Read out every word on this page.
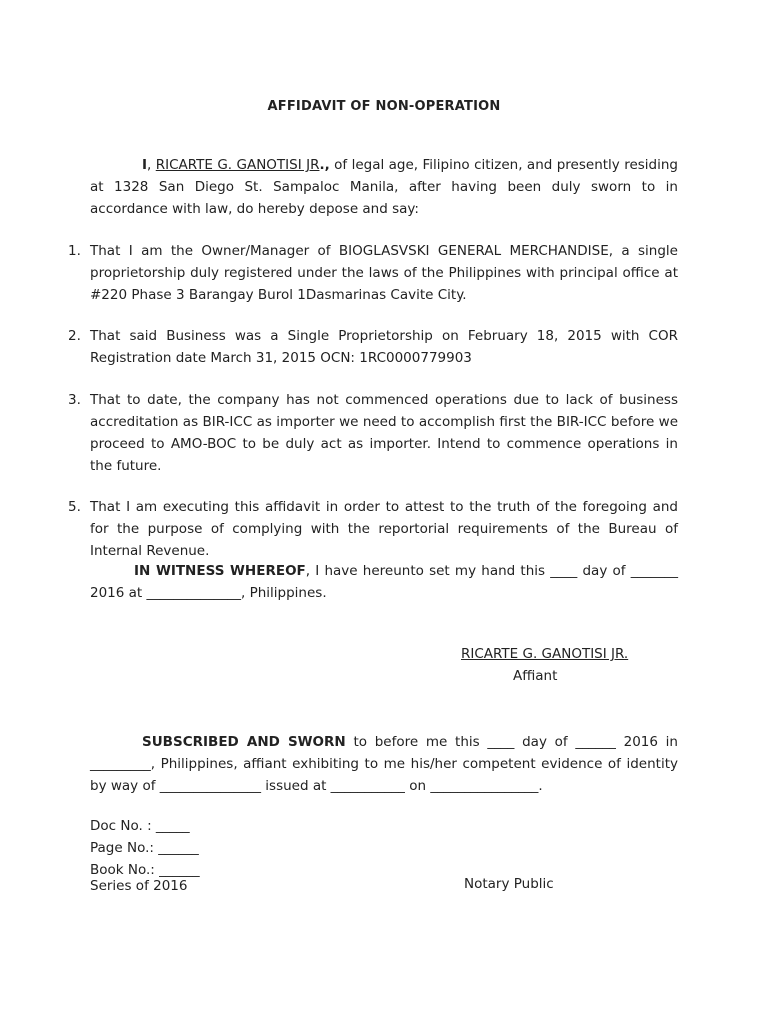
AFFIDAVIT OF NON-OPERATION
I, RICARTE G. GANOTISI JR., of legal age, Filipino citizen, and presently residing at 1328 San Diego St. Sampaloc Manila, after having been duly sworn to in accordance with law, do hereby depose and say:
1. That I am the Owner/Manager of BIOGLASVSKI GENERAL MERCHANDISE, a single proprietorship duly registered under the laws of the Philippines with principal office at #220 Phase 3 Barangay Burol 1Dasmarinas Cavite City.
2. That said Business was a Single Proprietorship on February 18, 2015 with COR Registration date March 31, 2015 OCN: 1RC0000779903
3. That to date, the company has not commenced operations due to lack of business accreditation as BIR-ICC as importer we need to accomplish first the BIR-ICC before we proceed to AMO-BOC to be duly act as importer. Intend to commence operations in the future.
5. That I am executing this affidavit in order to attest to the truth of the foregoing and for the purpose of complying with the reportorial requirements of the Bureau of Internal Revenue.
IN WITNESS WHEREOF, I have hereunto set my hand this ____ day of _______ 2016 at ______________, Philippines.
RICARTE G. GANOTISI JR.
Affiant
SUBSCRIBED AND SWORN to before me this ____ day of ______ 2016 in _________, Philippines, affiant exhibiting to me his/her competent evidence of identity by way of _______________ issued at ___________ on ________________.
Doc No. : _____
Page No.: ______
Book No.: ______
Series of 2016	Notary Public
